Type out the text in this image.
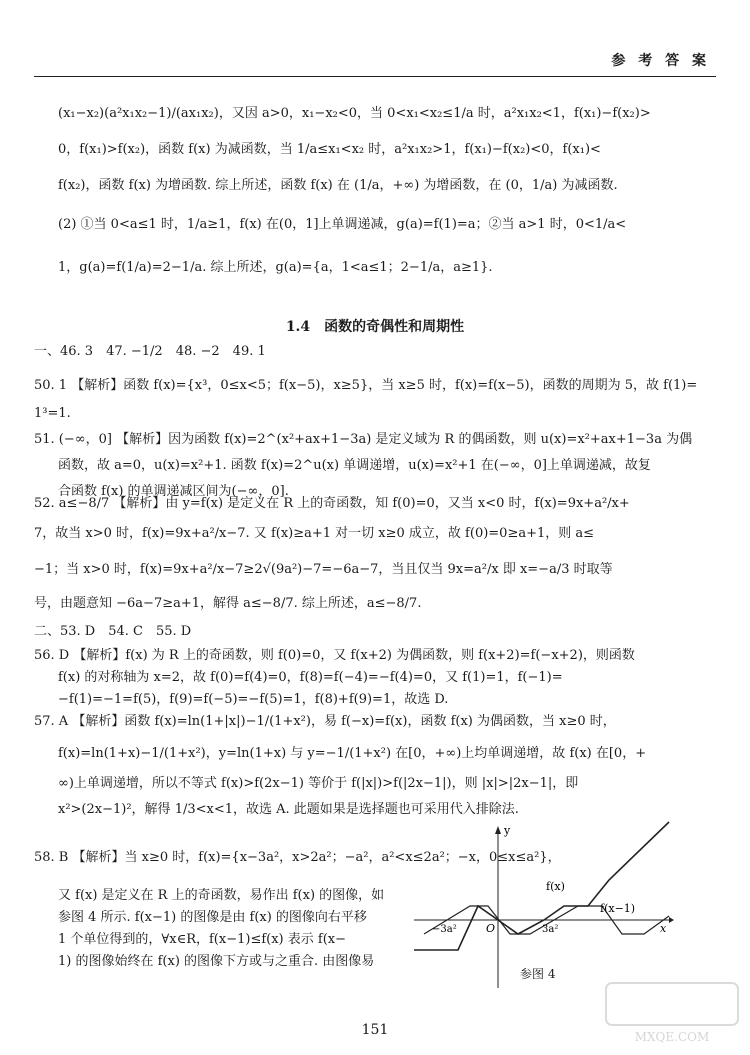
参 考 答 案
(x₁−x₂)(a²x₁x₂−1)/(ax₁x₂)，又因 a>0，x₁−x₂<0，当 0<x₁<x₂≤1/a 时，a²x₁x₂<1，f(x₁)−f(x₂)>
0，f(x₁)>f(x₂)，函数 f(x) 为减函数，当 1/a≤x₁<x₂ 时，a²x₁x₂>1，f(x₁)−f(x₂)<0，f(x₁)<
f(x₂)，函数 f(x) 为增函数. 综上所述，函数 f(x) 在 (1/a，+∞) 为增函数，在 (0，1/a) 为减函数.
(2) ①当 0<a≤1 时，1/a≥1，f(x) 在(0，1]上单调递减，g(a)=f(1)=a；②当 a>1 时，0<1/a<
1，g(a)=f(1/a)=2−1/a. 综上所述，g(a)={a，1<a≤1；2−1/a，a≥1}.
1.4　函数的奇偶性和周期性
一、46. 3　47. −1/2　48. −2　49. 1
50. 1 【解析】函数 f(x)={x³，0≤x<5；f(x−5)，x≥5}，当 x≥5 时，f(x)=f(x−5)，函数的周期为 5，故 f(1)=
1³=1.
51. (−∞，0] 【解析】因为函数 f(x)=2^(x²+ax+1−3a) 是定义域为 R 的偶函数，则 u(x)=x²+ax+1−3a 为偶
函数，故 a=0，u(x)=x²+1. 函数 f(x)=2^u(x) 单调递增，u(x)=x²+1 在(−∞，0]上单调递减，故复
合函数 f(x) 的单调递减区间为(−∞，0].
52. a≤−8/7 【解析】由 y=f(x) 是定义在 R 上的奇函数，知 f(0)=0，又当 x<0 时，f(x)=9x+a²/x+
7，故当 x>0 时，f(x)=9x+a²/x−7. 又 f(x)≥a+1 对一切 x≥0 成立，故 f(0)=0≥a+1，则 a≤
−1；当 x>0 时，f(x)=9x+a²/x−7≥2√(9a²)−7=−6a−7，当且仅当 9x=a²/x 即 x=−a/3 时取等
号，由题意知 −6a−7≥a+1，解得 a≤−8/7. 综上所述，a≤−8/7.
二、53. D　54. C　55. D
56. D 【解析】f(x) 为 R 上的奇函数，则 f(0)=0，又 f(x+2) 为偶函数，则 f(x+2)=f(−x+2)，则函数
f(x) 的对称轴为 x=2，故 f(0)=f(4)=0，f(8)=f(−4)=−f(4)=0，又 f(1)=1，f(−1)=
−f(1)=−1=f(5)，f(9)=f(−5)=−f(5)=1，f(8)+f(9)=1，故选 D.
57. A 【解析】函数 f(x)=ln(1+|x|)−1/(1+x²)，易 f(−x)=f(x)，函数 f(x) 为偶函数，当 x≥0 时，
f(x)=ln(1+x)−1/(1+x²)，y=ln(1+x) 与 y=−1/(1+x²) 在[0，+∞)上均单调递增，故 f(x) 在[0，+
∞)上单调递增，所以不等式 f(x)>f(2x−1) 等价于 f(|x|)>f(|2x−1|)，则 |x|>|2x−1|，即
x²>(2x−1)²，解得 1/3<x<1，故选 A. 此题如果是选择题也可采用代入排除法.
58. B 【解析】当 x≥0 时，f(x)={x−3a²，x>2a²；−a²，a²<x≤2a²；−x，0≤x≤a²}，
又 f(x) 是定义在 R 上的奇函数，易作出 f(x) 的图像，如
参图 4 所示. f(x−1) 的图像是由 f(x) 的图像向右平移
1 个单位得到的，∀x∈R，f(x−1)≤f(x) 表示 f(x−
1) 的图像始终在 f(x) 的图像下方或与之重合. 由图像易
y
x
O
−3a²	3a²
f(x)
f(x−1)
参图 4
151	MXQE.COM
